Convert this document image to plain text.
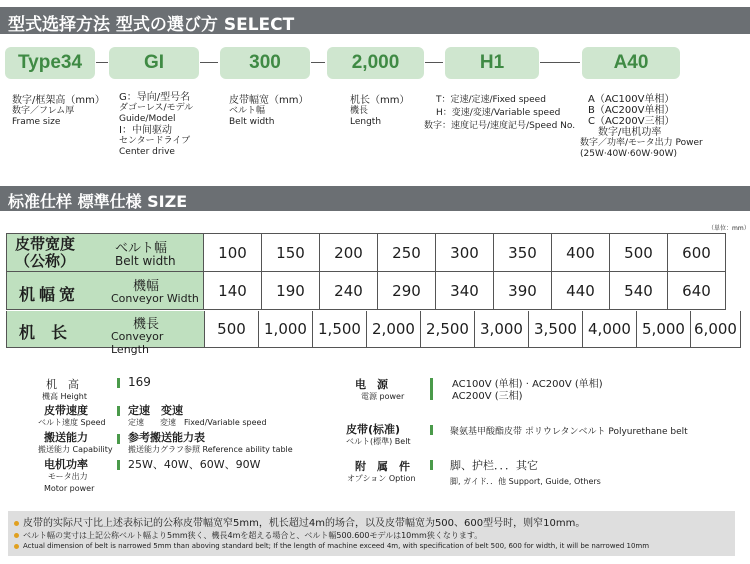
型式选择方法 型式の選び方 SELECT
Type34	GI	300	2,000	H1	A40
数字/框架高（mm）
数字／フレム厚
Frame size
G：导向/型号名
ダゴーレス/モデル
Guide/Model
I：中间驱动
センタードライブ
Center drive
皮带幅宽（mm）
ベルト幅
Belt width
机长（mm）
機長
Length
T：定速/定速/Fixed speed
H：变速/変速/Variable speed
数字：速度记号/速度記号/Speed No.
A（AC100V单相）
B（AC200V单相）
C（AC200V三相）
数字/电机功率
数字／功率/モータ出力 Power
(25W·40W·60W·90W)
标准仕样 標準仕様 SIZE
（単位：mm）
皮带宽度（公称）
ベルト幅
Belt width	100	150	200	250	300	350	400	500	600

机幅宽 機幅
Conveyor Width	140	190	240	290	340	390	440	540	640
机　长	機長
Conveyor Length
500	1,000 1,500 2,000 2,500 3,000 3,500 4,000 5,000 6,000
机　高
機高 Height
169
皮带速度
ベルト速度 Speed
定速　变速
定速　　変速　Fixed/Variable speed
搬送能力
搬送能力 Capability
参考搬送能力表
搬送能力グラフ参照 Reference ability table
电机功率
モータ出力
Motor power
25W、40W、60W、90W
电　源
電源 power
AC100V (单相) · AC200V (单相)
AC200V (三相)
皮带(标准)
ベルト(標準) Belt
聚氨基甲酸酯皮带 ポリウレタンベルト Polyurethane belt
附　属　件
オプション Option
脚、护栏．．．其它
脚, ガイド．．他 Support, Guide, Others
皮带的实际尺寸比上述表标记的公称皮带幅宽窄5mm，机长超过4m的场合，以及皮带幅宽为500、600型号时，则窄10mm。
ベルト幅の実寸は上記公称ベルト幅より5mm狭く、機長4mを超える場合と、ベルト幅500.600モデルは10mm狭くなります。
Actual dimension of belt is narrowed 5mm than aboving standard belt; If the length of machine exceed 4m, with specification of belt 500, 600 for width, it will be narrowed 10mm
